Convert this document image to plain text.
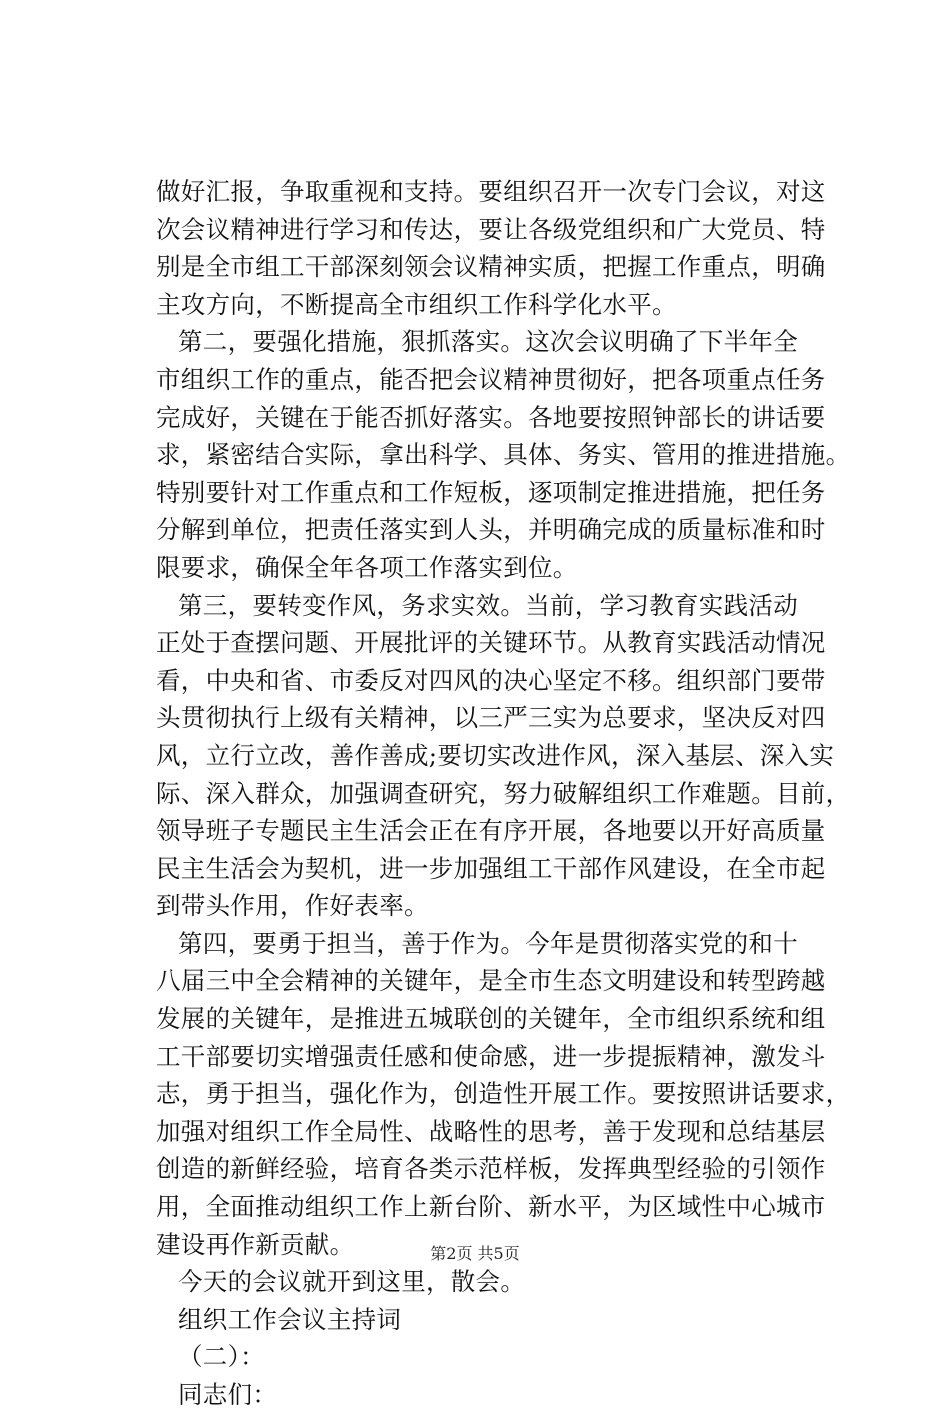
做好汇报，争取重视和支持。要组织召开一次专门会议，对这
次会议精神进行学习和传达，要让各级党组织和广大党员、特
别是全市组工干部深刻领会议精神实质，把握工作重点，明确
主攻方向，不断提高全市组织工作科学化水平。
第二，要强化措施，狠抓落实。这次会议明确了下半年全
市组织工作的重点，能否把会议精神贯彻好，把各项重点任务
完成好，关键在于能否抓好落实。各地要按照钟部长的讲话要
求，紧密结合实际，拿出科学、具体、务实、管用的推进措施。
特别要针对工作重点和工作短板，逐项制定推进措施，把任务
分解到单位，把责任落实到人头，并明确完成的质量标准和时
限要求，确保全年各项工作落实到位。
第三，要转变作风，务求实效。当前，学习教育实践活动
正处于查摆问题、开展批评的关键环节。从教育实践活动情况
看，中央和省、市委反对四风的决心坚定不移。组织部门要带
头贯彻执行上级有关精神，以三严三实为总要求，坚决反对四
风，立行立改，善作善成;要切实改进作风，深入基层、深入实
际、深入群众，加强调查研究，努力破解组织工作难题。目前，
领导班子专题民主生活会正在有序开展，各地要以开好高质量
民主生活会为契机，进一步加强组工干部作风建设，在全市起
到带头作用，作好表率。
第四，要勇于担当，善于作为。今年是贯彻落实党的和十
八届三中全会精神的关键年，是全市生态文明建设和转型跨越
发展的关键年，是推进五城联创的关键年，全市组织系统和组
工干部要切实增强责任感和使命感，进一步提振精神，激发斗
志，勇于担当，强化作为，创造性开展工作。要按照讲话要求，
加强对组织工作全局性、战略性的思考，善于发现和总结基层
创造的新鲜经验，培育各类示范样板，发挥典型经验的引领作
用，全面推动组织工作上新台阶、新水平，为区域性中心城市
建设再作新贡献。
今天的会议就开到这里，散会。
组织工作会议主持词
（二）：
同志们：
第2页 共5页
